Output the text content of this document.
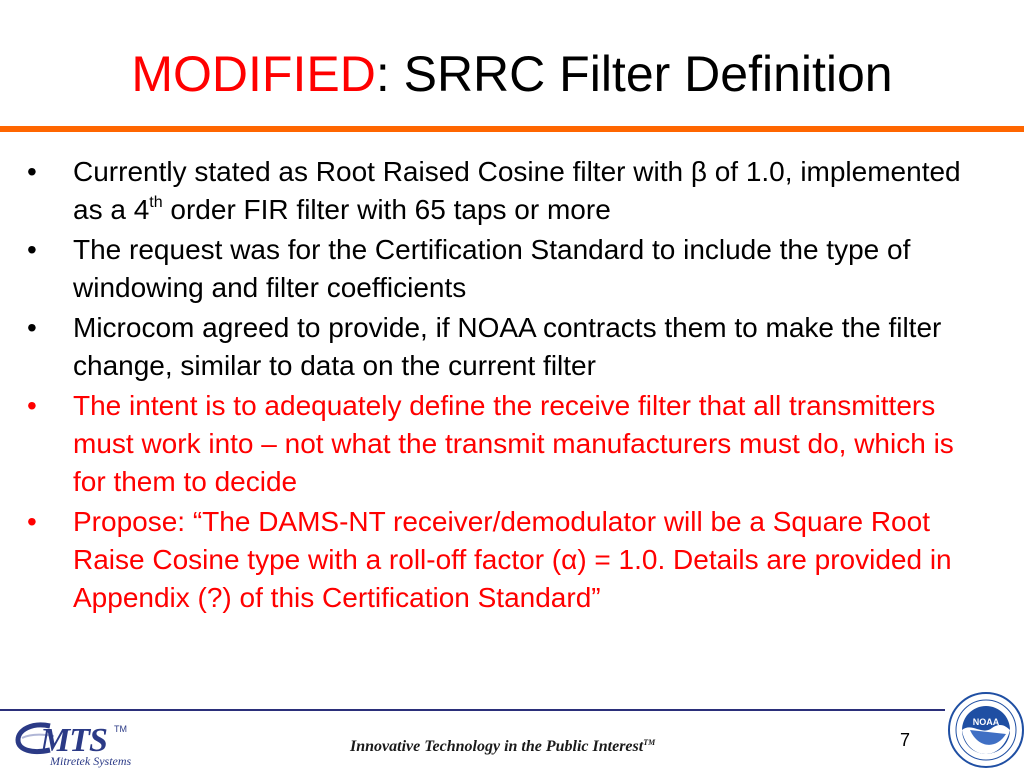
MODIFIED: SRRC Filter Definition
• Currently stated as Root Raised Cosine filter with β of 1.0, implemented as a 4th order FIR filter with 65 taps or more
• The request was for the Certification Standard to include the type of windowing and filter coefficients
• Microcom agreed to provide, if NOAA contracts them to make the filter change, similar to data on the current filter
• The intent is to adequately define the receive filter that all transmitters must work into – not what the transmit manufacturers must do, which is for them to decide
• Propose: “The DAMS-NT receiver/demodulator will be a Square Root Raise Cosine type with a roll-off factor (α) = 1.0. Details are provided in Appendix (?) of this Certification Standard”
MTS TM
Mitretek Systems
Innovative Technology in the Public Interest™	7
NOAA
